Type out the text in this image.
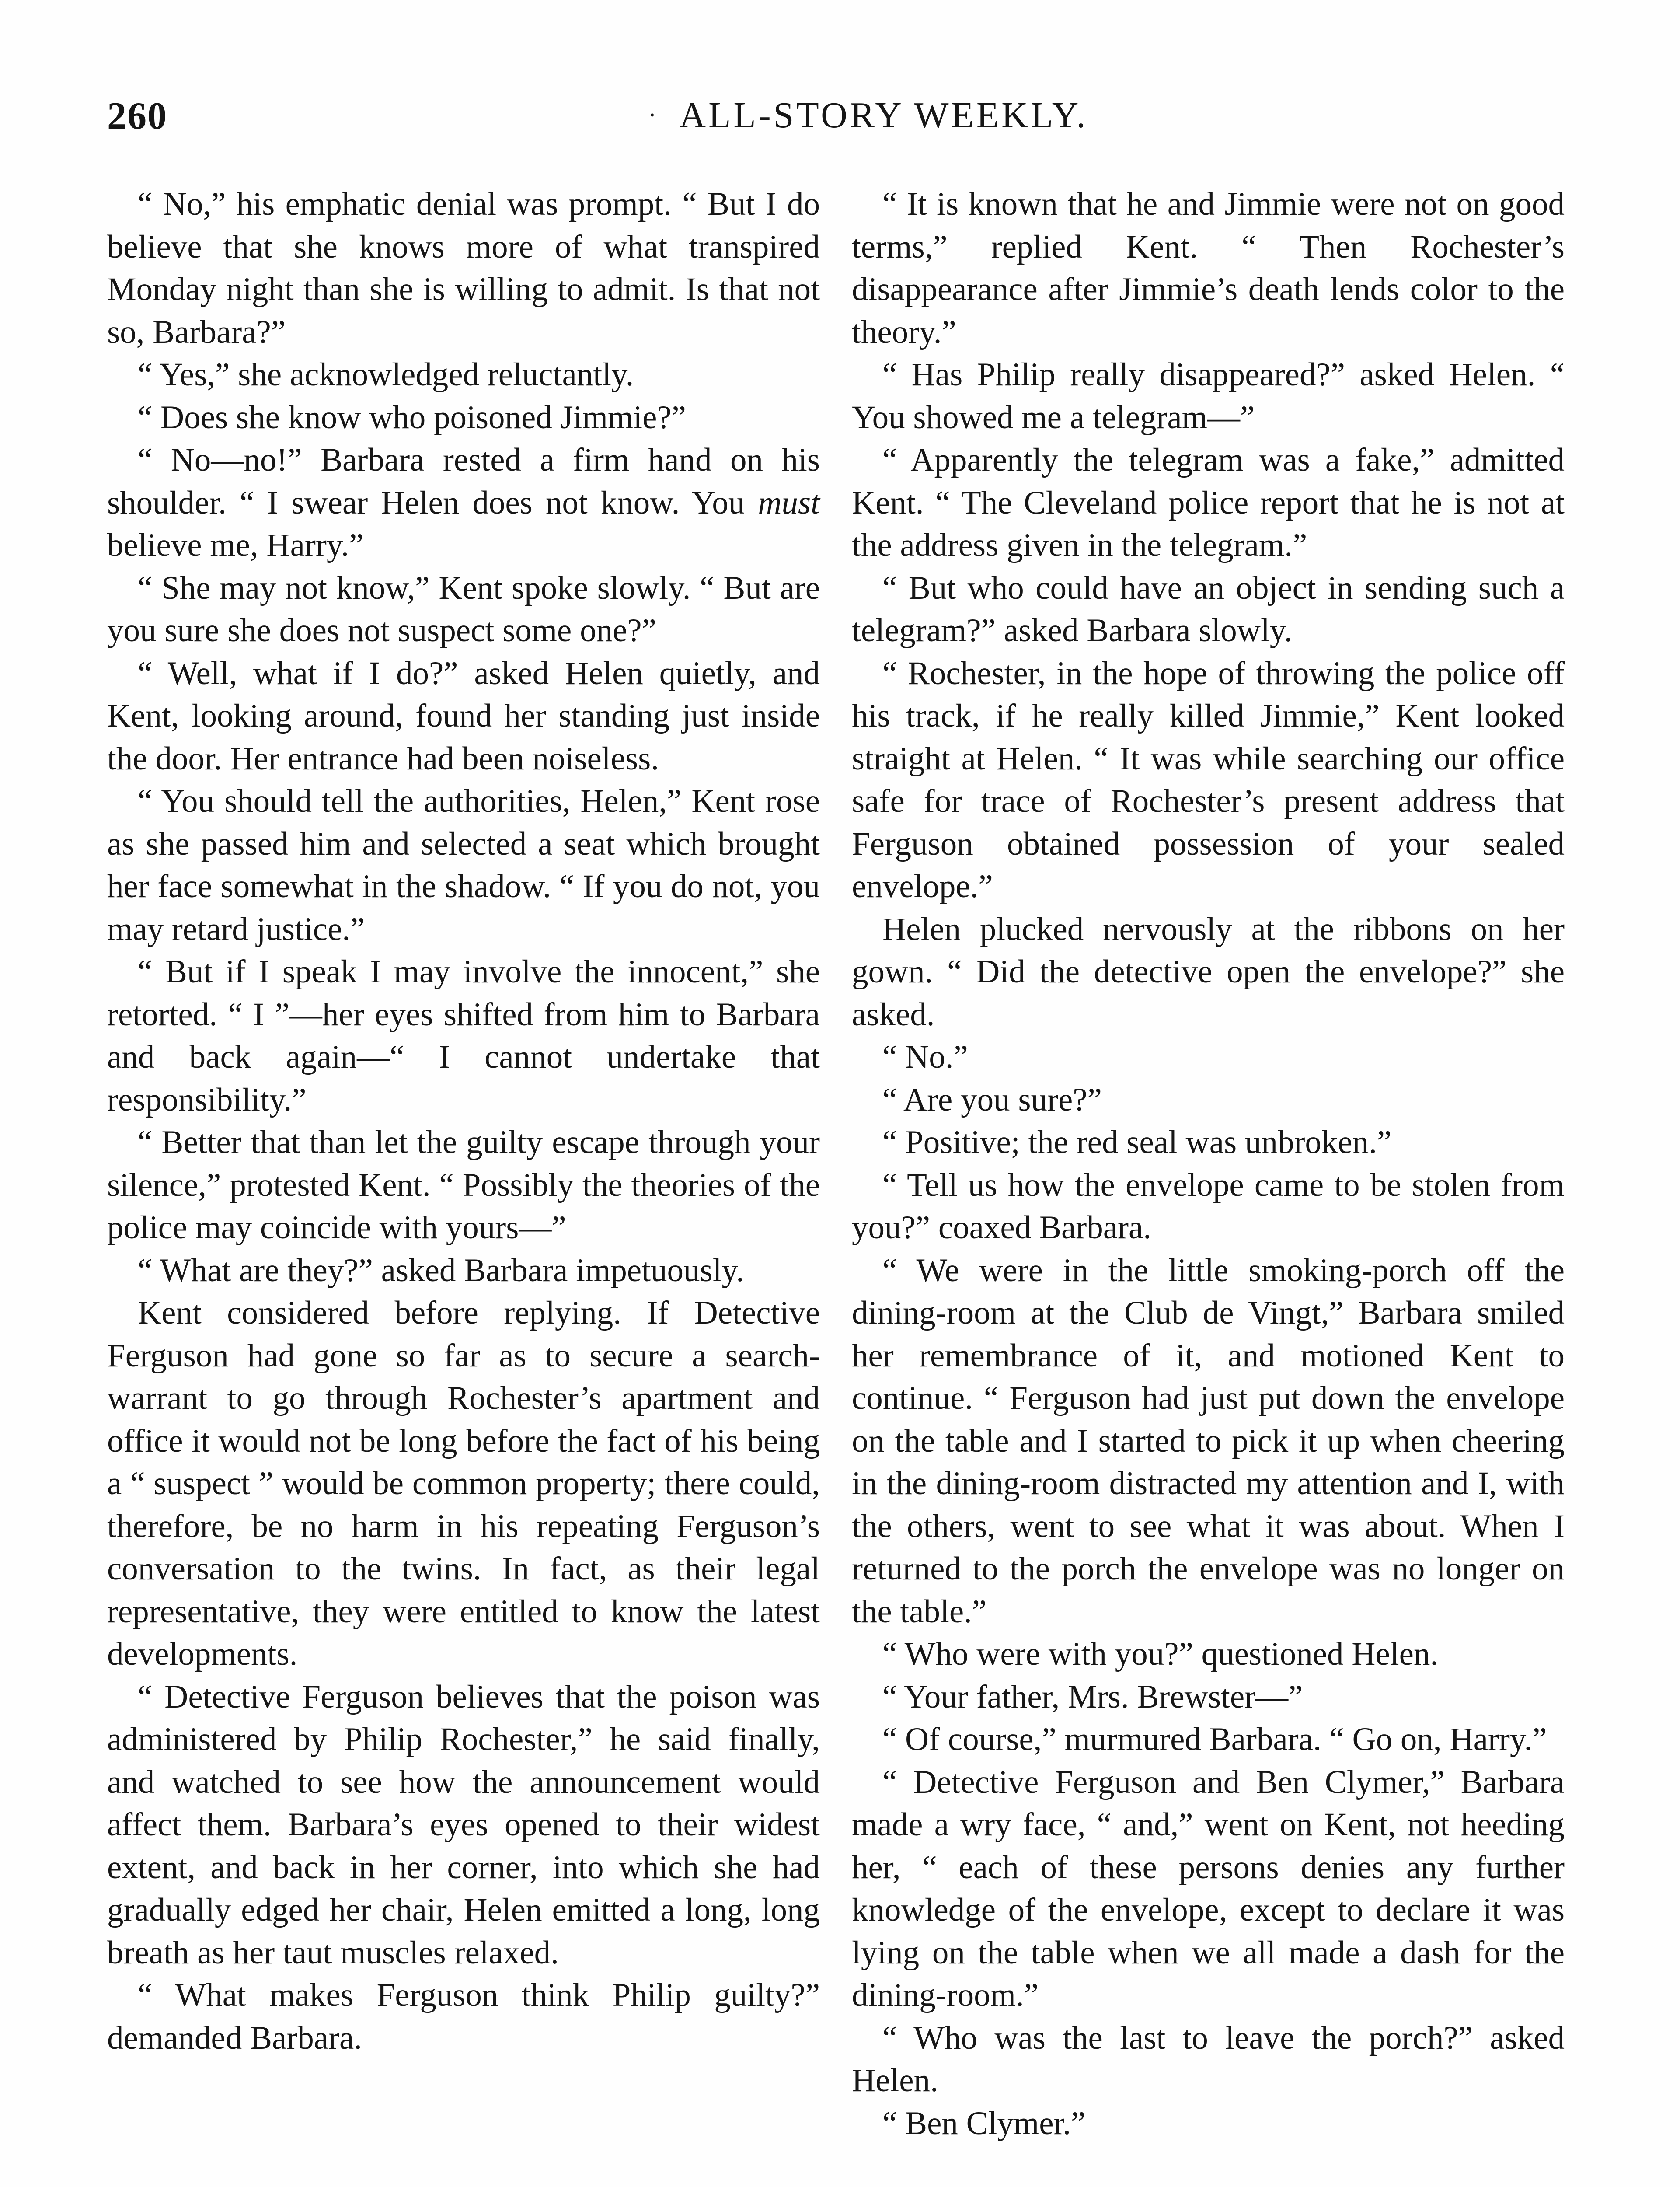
260	· ALL-STORY WEEKLY.

“ No,” his emphatic denial was prompt. “ But I do believe that she knows more of what transpired Monday night than she is willing to admit. Is that not so, Barbara?”

“ Yes,” she acknowledged reluctantly.

“ Does she know who poisoned Jimmie?”

“ No—no!” Barbara rested a firm hand on his shoulder. “ I swear Helen does not know. You must believe me, Harry.”

“ She may not know,” Kent spoke slowly. “ But are you sure she does not suspect some one?”

“ Well, what if I do?” asked Helen quietly, and Kent, looking around, found her standing just inside the door. Her entrance had been noiseless.

“ You should tell the authorities, Helen,” Kent rose as she passed him and selected a seat which brought her face somewhat in the shadow. “ If you do not, you may retard justice.”

“ But if I speak I may involve the innocent,” she retorted. “ I ”—her eyes shifted from him to Barbara and back again—“ I cannot undertake that responsibility.”

“ Better that than let the guilty escape through your silence,” protested Kent. “ Possibly the theories of the police may coincide with yours—”

“ What are they?” asked Barbara impetuously.

Kent considered before replying. If Detective Ferguson had gone so far as to secure a search-warrant to go through Rochester’s apartment and office it would not be long before the fact of his being a “ suspect ” would be common property; there could, therefore, be no harm in his repeating Ferguson’s conversation to the twins. In fact, as their legal representative, they were entitled to know the latest developments.

“ Detective Ferguson believes that the poison was administered by Philip Rochester,” he said finally, and watched to see how the announcement would affect them. Barbara’s eyes opened to their widest extent, and back in her corner, into which she had gradually edged her chair, Helen emitted a long, long breath as her taut muscles relaxed.

“ What makes Ferguson think Philip guilty?” demanded Barbara.

“ It is known that he and Jimmie were not on good terms,” replied Kent. “ Then Rochester’s disappearance after Jimmie’s death lends color to the theory.”

“ Has Philip really disappeared?” asked Helen. “ You showed me a telegram—”

“ Apparently the telegram was a fake,” admitted Kent. “ The Cleveland police report that he is not at the address given in the telegram.”

“ But who could have an object in sending such a telegram?” asked Barbara slowly.

“ Rochester, in the hope of throwing the police off his track, if he really killed Jimmie,” Kent looked straight at Helen. “ It was while searching our office safe for trace of Rochester’s present address that Ferguson obtained possession of your sealed envelope.”

Helen plucked nervously at the ribbons on her gown. “ Did the detective open the envelope?” she asked.

“ No.”

“ Are you sure?”

“ Positive; the red seal was unbroken.”

“ Tell us how the envelope came to be stolen from you?” coaxed Barbara.

“ We were in the little smoking-porch off the dining-room at the Club de Vingt,” Barbara smiled her remembrance of it, and motioned Kent to continue. “ Ferguson had just put down the envelope on the table and I started to pick it up when cheering in the dining-room distracted my attention and I, with the others, went to see what it was about. When I returned to the porch the envelope was no longer on the table.”

“ Who were with you?” questioned Helen.

“ Your father, Mrs. Brewster—”

“ Of course,” murmured Barbara. “ Go on, Harry.”

“ Detective Ferguson and Ben Clymer,” Barbara made a wry face, “ and,” went on Kent, not heeding her, “ each of these persons denies any further knowledge of the envelope, except to declare it was lying on the table when we all made a dash for the dining-room.”

“ Who was the last to leave the porch?” asked Helen.

“ Ben Clymer.”
